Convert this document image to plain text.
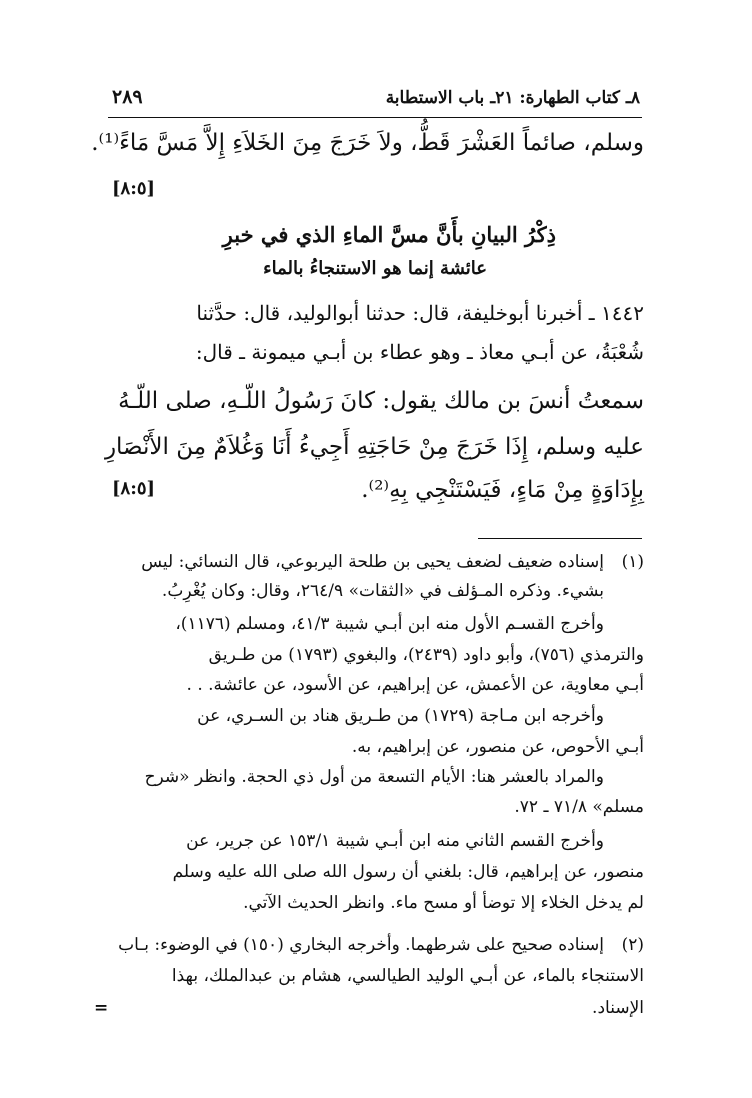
٨ـ كتاب الطهارة: ٢١ـ باب الاستطابة
٢٨٩
وسلم، صائماً العَشْرَ قَطُّ، ولاَ خَرَجَ مِنَ الخَلاَءِ إِلاَّ مَسَّ مَاءً⁽¹⁾.
[٨:٥]
ذِكْرُ البيانِ بأَنَّ مسَّ الماءِ الذي في خبرِ
عائشة إنما هو الاستنجاءُ بالماء
١٤٤٢ ـ أخبرنا أبوخليفة، قال: حدثنا أبوالوليد، قال: حدَّثنا
شُعْبَةُ، عن أبـي معاذ ـ وهو عطاء بن أبـي ميمونة ـ قال:
سمعتُ أنسَ بن مالك يقول: كانَ رَسُولُ اللّـهِ، صلى اللّـهُ
عليه وسلم، إِذَا خَرَجَ مِنْ حَاجَتِهِ أَجِيءُ أَنَا وَغُلاَمٌ مِنَ الأَنْصَارِ
بِإِدَاوَةٍ مِنْ مَاءٍ، فَيَسْتَنْجِي بِهِ⁽²⁾.
[٨:٥]
(١)
إسناده ضعيف لضعف يحيى بن طلحة اليربوعي، قال النسائي: ليس
بشيء. وذكره المـؤلف في «الثقات» ٢٦٤/٩، وقال: وكان يُغْرِبُ.
وأخرج القسـم الأول منه ابن أبـي شيبة ٤١/٣، ومسلم (١١٧٦)،
والترمذي (٧٥٦)، وأبو داود (٢٤٣٩)، والبغوي (١٧٩٣) من طـريق
أبـي معاوية، عن الأعمش، عن إبراهيم، عن الأسود، عن عائشة. . .
وأخرجه ابن مـاجة (١٧٢٩) من طـريق هناد بن السـري، عن
أبـي الأحوص، عن منصور، عن إبراهيم، به.
والمراد بالعشر هنا: الأيام التسعة من أول ذي الحجة. وانظر «شرح
مسلم» ٧١/٨ ـ ٧٢.
وأخرج القسم الثاني منه ابن أبـي شيبة ١٥٣/١ عن جرير، عن
منصور، عن إبراهيم، قال: بلغني أن رسول الله صلى الله عليه وسلم
لم يدخل الخلاء إلا توضأ أو مسح ماء. وانظر الحديث الآتي.
(٢)
إسناده صحيح على شرطهما. وأخرجه البخاري (١٥٠) في الوضوء: بـاب
الاستنجاء بالماء، عن أبـي الوليد الطيالسي، هشام بن عبدالملك، بهذا
الإسناد.
=
